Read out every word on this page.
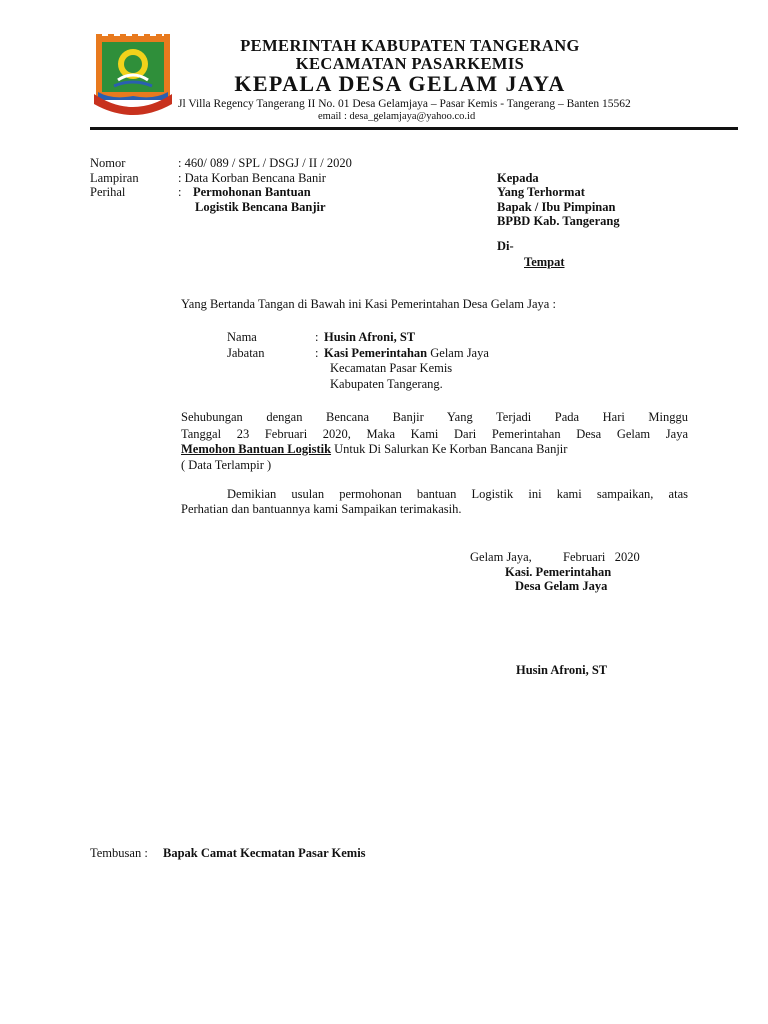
PEMERINTAH KABUPATEN TANGERANG
KECAMATAN PASARKEMIS
KEPALA DESA GELAM JAYA
Jl Villa Regency Tangerang II No. 01 Desa Gelamjaya – Pasar Kemis - Tangerang – Banten 15562
email : desa_gelamjaya@yahoo.co.id
Nomor	: 460/ 089 / SPL / DSGJ / II / 2020
Lampiran	: Data Korban Bencana Banir
Perihal	: Permohonan Bantuan
Logistik Bencana Banjir
Kepada
Yang Terhormat
Bapak / Ibu Pimpinan
BPBD Kab. Tangerang
Di-
Tempat
Yang Bertanda Tangan di Bawah ini Kasi Pemerintahan Desa Gelam Jaya :
Nama	: Husin Afroni, ST
Jabatan	: Kasi Pemerintahan Gelam Jaya
Kecamatan Pasar Kemis
Kabupaten Tangerang.
Sehubungan dengan Bencana Banjir Yang Terjadi Pada Hari Minggu
Tanggal 23 Februari 2020, Maka Kami Dari Pemerintahan Desa Gelam Jaya
Memohon Bantuan Logistik Untuk Di Salurkan Ke Korban Bancana Banjir
( Data Terlampir )
Demikian usulan permohonan bantuan Logistik ini kami sampaikan, atas
Perhatian dan bantuannya kami Sampaikan terimakasih.
Gelam Jaya,          Februari   2020
Kasi. Pemerintahan
Desa Gelam Jaya
Husin Afroni, ST
Tembusan : Bapak Camat Kecmatan Pasar Kemis
